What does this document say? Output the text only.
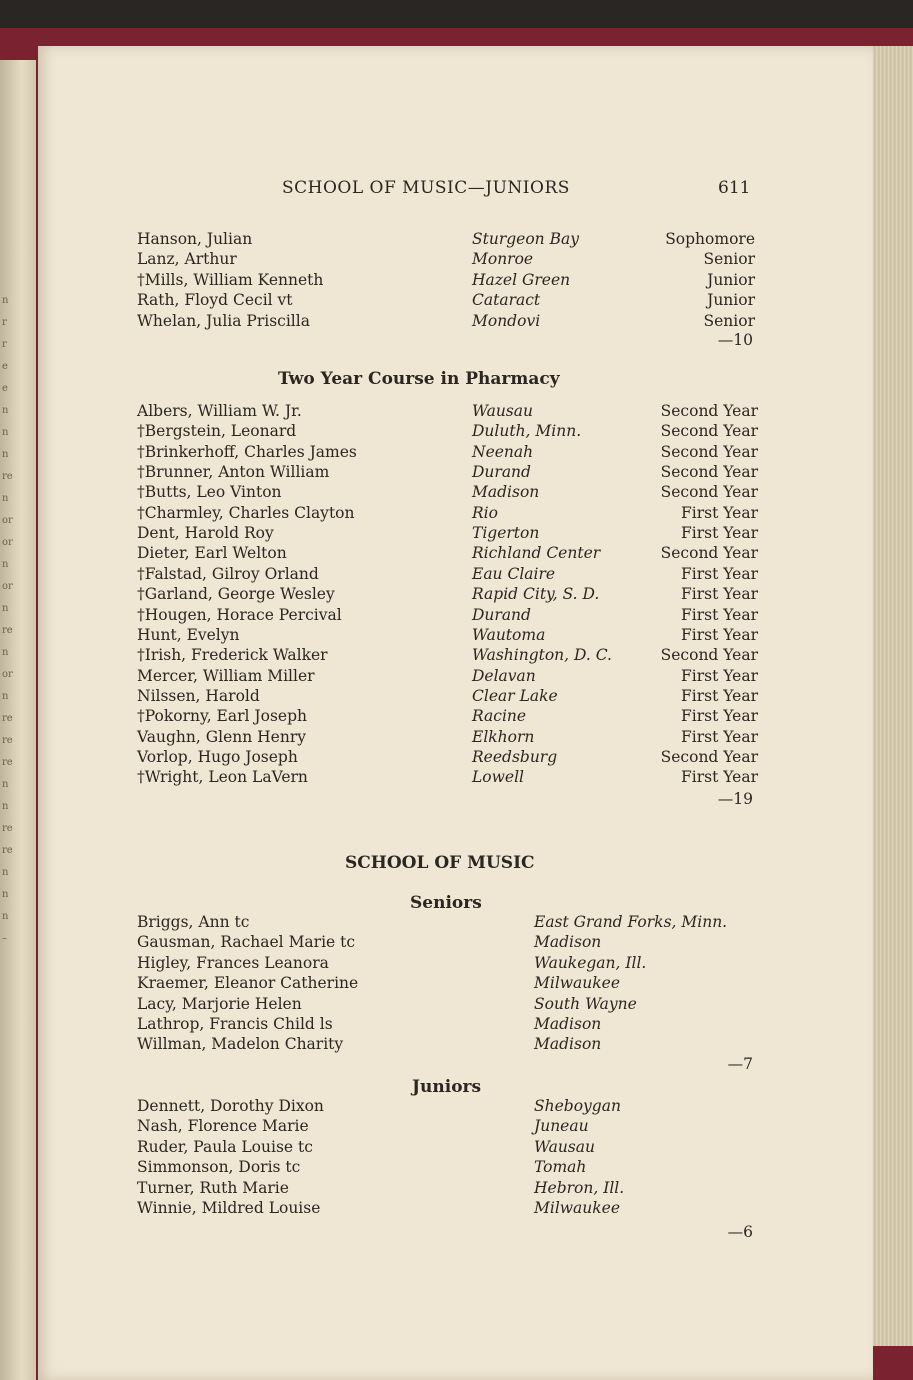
n
r
r
e
e
n
n
n
re
n
or
or
n
or
n
re
n
or
n
re
re
re
n
n
re
re
n
n
n
–
SCHOOL OF MUSIC—JUNIORS	611
Hanson, Julian	Sturgeon Bay	Sophomore
Lanz, Arthur	Monroe	Senior
†Mills, William Kenneth	Hazel Green	Junior
Rath, Floyd Cecil vt	Cataract	Junior
Whelan, Julia Priscilla	Mondovi	Senior
—10
Two Year Course in Pharmacy
Albers, William W. Jr.	Wausau	Second Year
†Bergstein, Leonard	Duluth, Minn.	Second Year
†Brinkerhoff, Charles James	Neenah	Second Year
†Brunner, Anton William	Durand	Second Year
†Butts, Leo Vinton	Madison	Second Year
†Charmley, Charles Clayton	Rio	First Year
Dent, Harold Roy	Tigerton	First Year
Dieter, Earl Welton	Richland Center	Second Year
†Falstad, Gilroy Orland	Eau Claire	First Year
†Garland, George Wesley	Rapid City, S. D.	First Year
†Hougen, Horace Percival	Durand	First Year
Hunt, Evelyn	Wautoma	First Year
†Irish, Frederick Walker	Washington, D. C.	Second Year
Mercer, William Miller	Delavan	First Year
Nilssen, Harold	Clear Lake	First Year
†Pokorny, Earl Joseph	Racine	First Year
Vaughn, Glenn Henry	Elkhorn	First Year
Vorlop, Hugo Joseph	Reedsburg	Second Year
†Wright, Leon LaVern	Lowell	First Year
—19
SCHOOL OF MUSIC
Seniors
Briggs, Ann tc	East Grand Forks, Minn.
Gausman, Rachael Marie tc	Madison
Higley, Frances Leanora	Waukegan, Ill.
Kraemer, Eleanor Catherine	Milwaukee
Lacy, Marjorie Helen	South Wayne
Lathrop, Francis Child ls	Madison
Willman, Madelon Charity	Madison
—7
Juniors
Dennett, Dorothy Dixon	Sheboygan
Nash, Florence Marie	Juneau
Ruder, Paula Louise tc	Wausau
Simmonson, Doris tc	Tomah
Turner, Ruth Marie	Hebron, Ill.
Winnie, Mildred Louise	Milwaukee
—6
